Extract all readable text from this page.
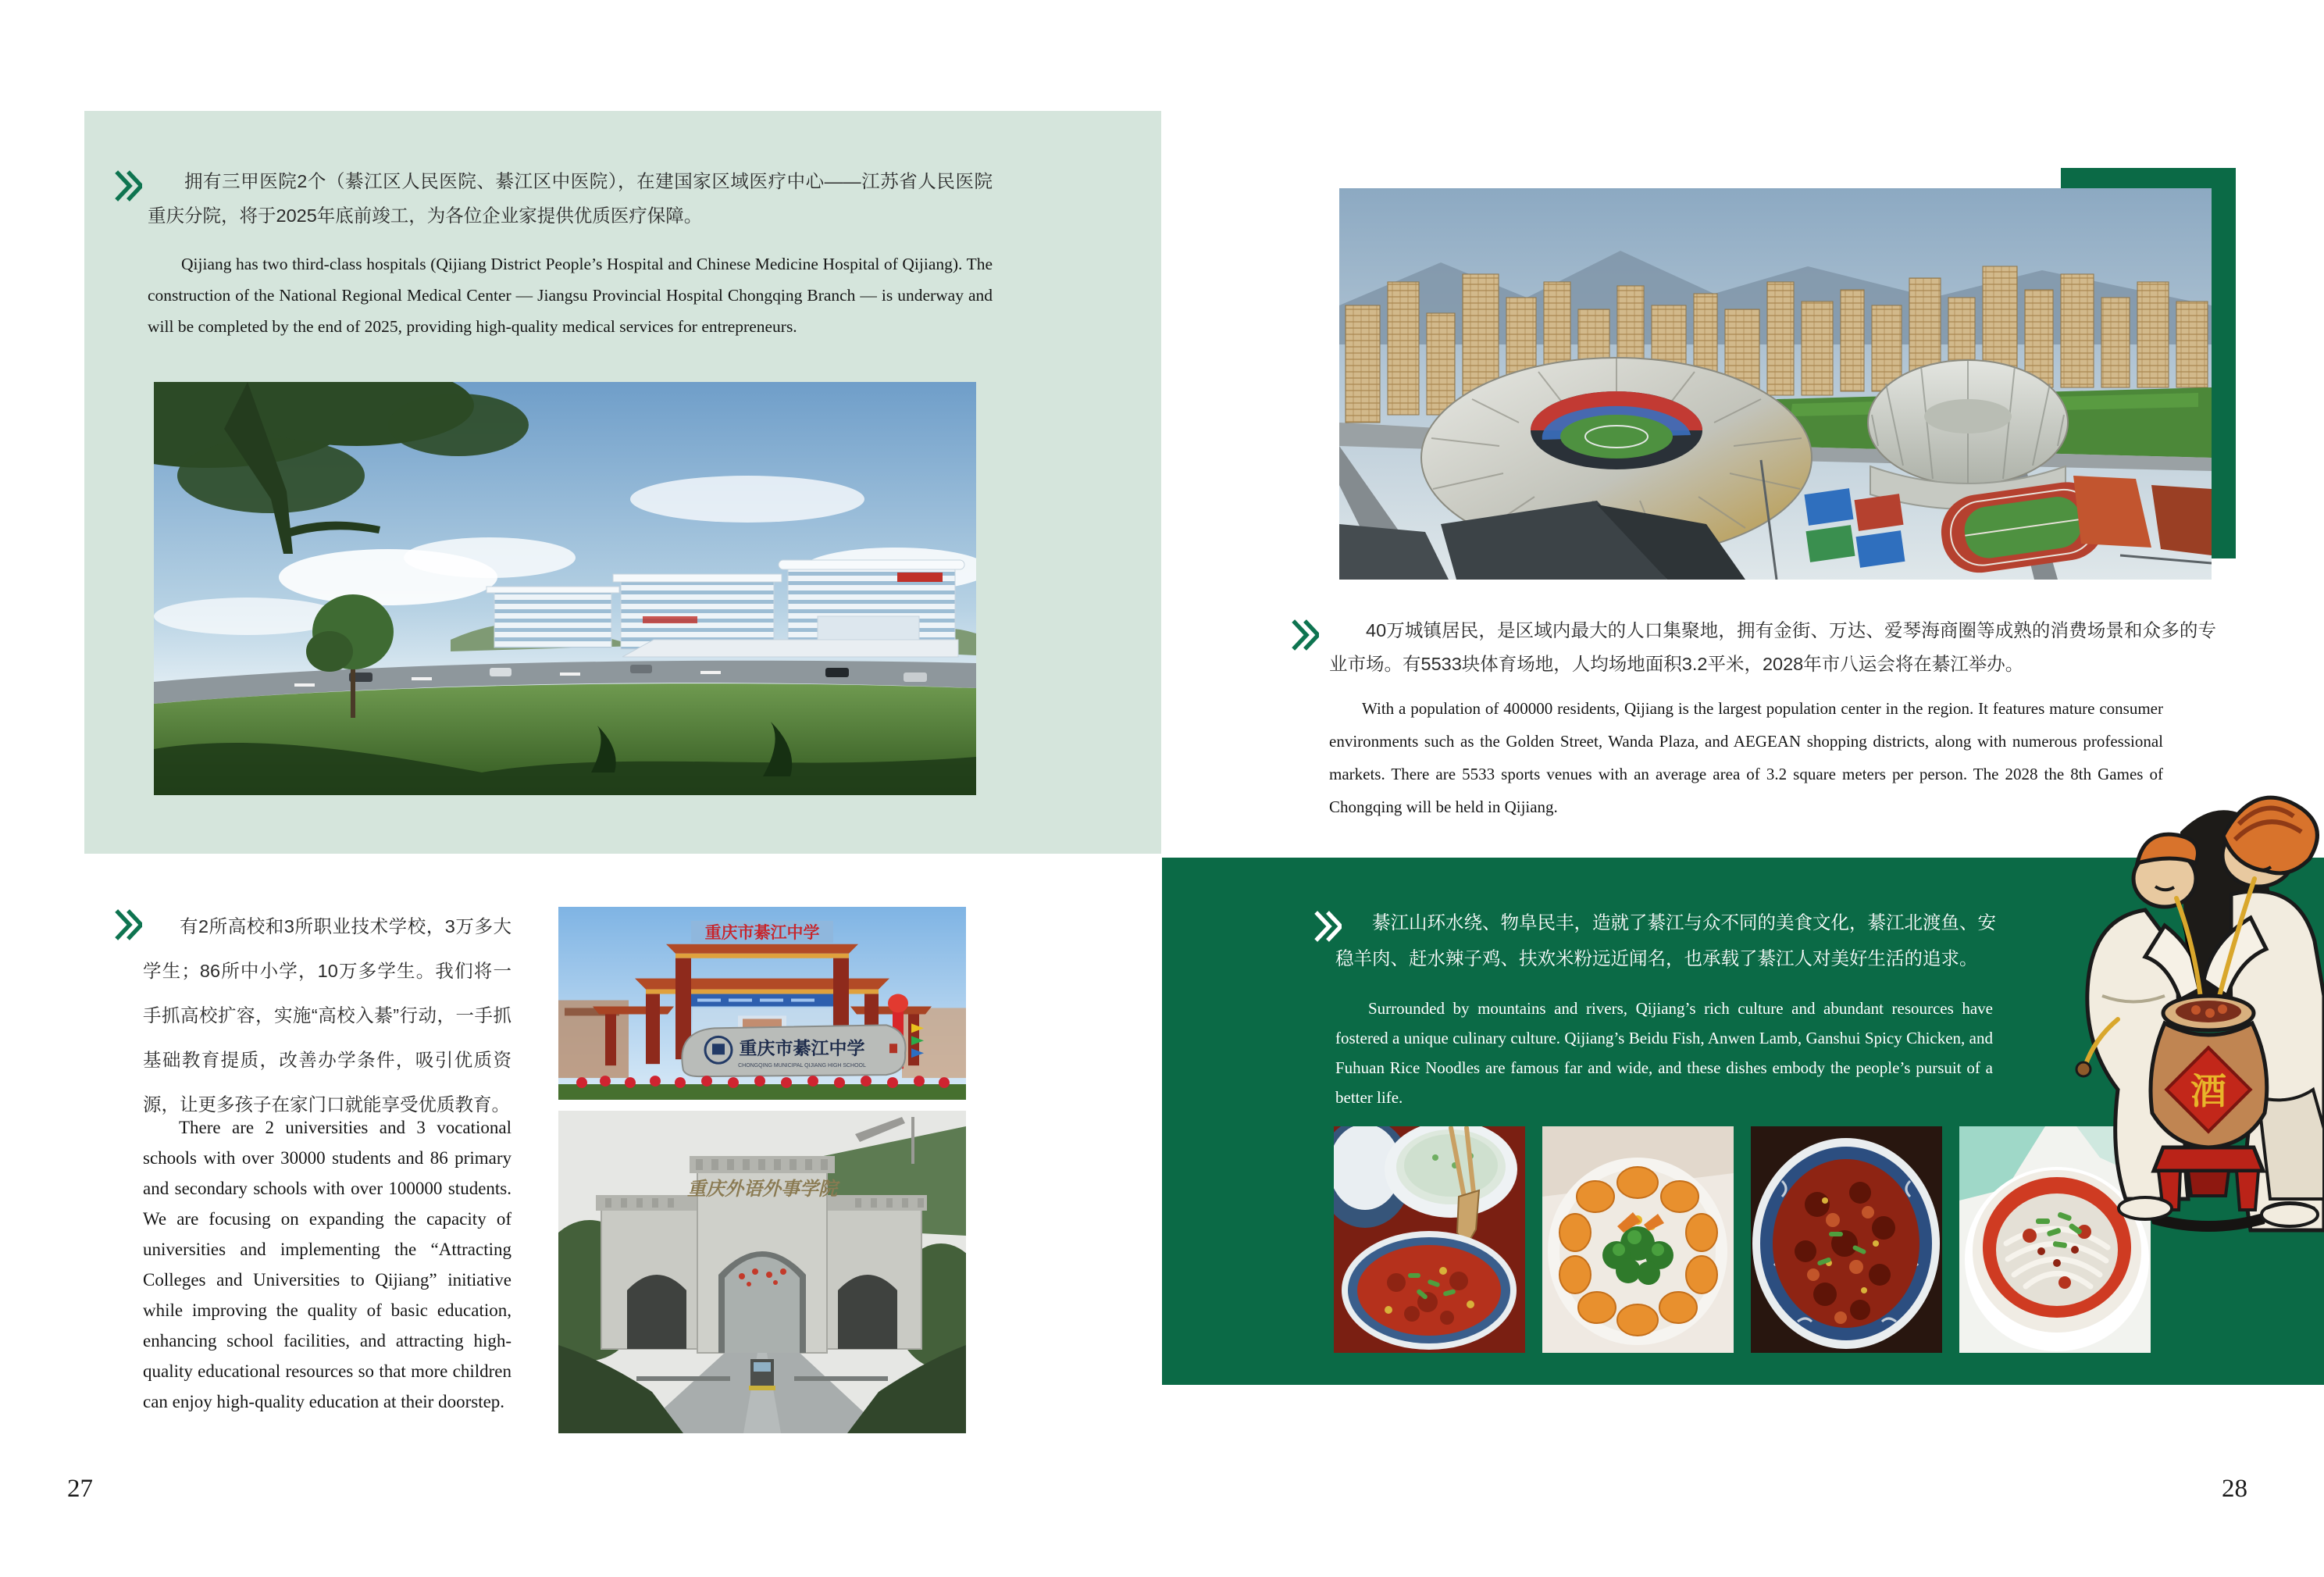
拥有三甲医院2个（綦江区人民医院、綦江区中医院），在建国家区域医疗中心——江苏省人民医院重庆分院，将于2025年底前竣工，为各位企业家提供优质医疗保障。

Qijiang has two third-class hospitals (Qijiang District People’s Hospital and Chinese Medicine Hospital of Qijiang). The construction of the National Regional Medical Center — Jiangsu Provincial Hospital Chongqing Branch — is underway and will be completed by the end of 2025, providing high-quality medical services for entrepreneurs.

有2所高校和3所职业技术学校，3万多大学生；86所中小学，10万多学生。我们将一手抓高校扩容，实施“高校入綦”行动，一手抓基础教育提质，改善办学条件，吸引优质资源，让更多孩子在家门口就能享受优质教育。

There are 2 universities and 3 vocational schools with over 30000 students and 86 primary and secondary schools with over 100000 students. We are focusing on expanding the capacity of universities and implementing the “Attracting Colleges and Universities to Qijiang” initiative while improving the quality of basic education, enhancing school facilities, and attracting high-quality educational resources so that more children can enjoy high-quality education at their doorstep.

重庆市綦江中学
重庆市綦江中学
CHONGQING MUNICIPAL QIJIANG HIGH SCHOOL
重庆外语外事学院
27

40万城镇居民，是区域内最大的人口集聚地，拥有金街、万达、爱琴海商圈等成熟的消费场景和众多的专业市场。有5533块体育场地，人均场地面积3.2平米，2028年市八运会将在綦江举办。

With a population of 400000 residents, Qijiang is the largest population center in the region. It features mature consumer environments such as the Golden Street, Wanda Plaza, and AEGEAN shopping districts, along with numerous professional markets. There are 5533 sports venues with an average area of 3.2 square meters per person. The 2028 the 8th Games of Chongqing will be held in Qijiang.

綦江山环水绕、物阜民丰，造就了綦江与众不同的美食文化，綦江北渡鱼、安稳羊肉、赶水辣子鸡、扶欢米粉远近闻名，也承载了綦江人对美好生活的追求。

Surrounded by mountains and rivers, Qijiang’s rich culture and abundant resources have fostered a unique culinary culture. Qijiang’s Beidu Fish, Anwen Lamb, Ganshui Spicy Chicken, and Fuhuan Rice Noodles are famous far and wide, and these dishes embody the people’s pursuit of a better life.	酒
28
